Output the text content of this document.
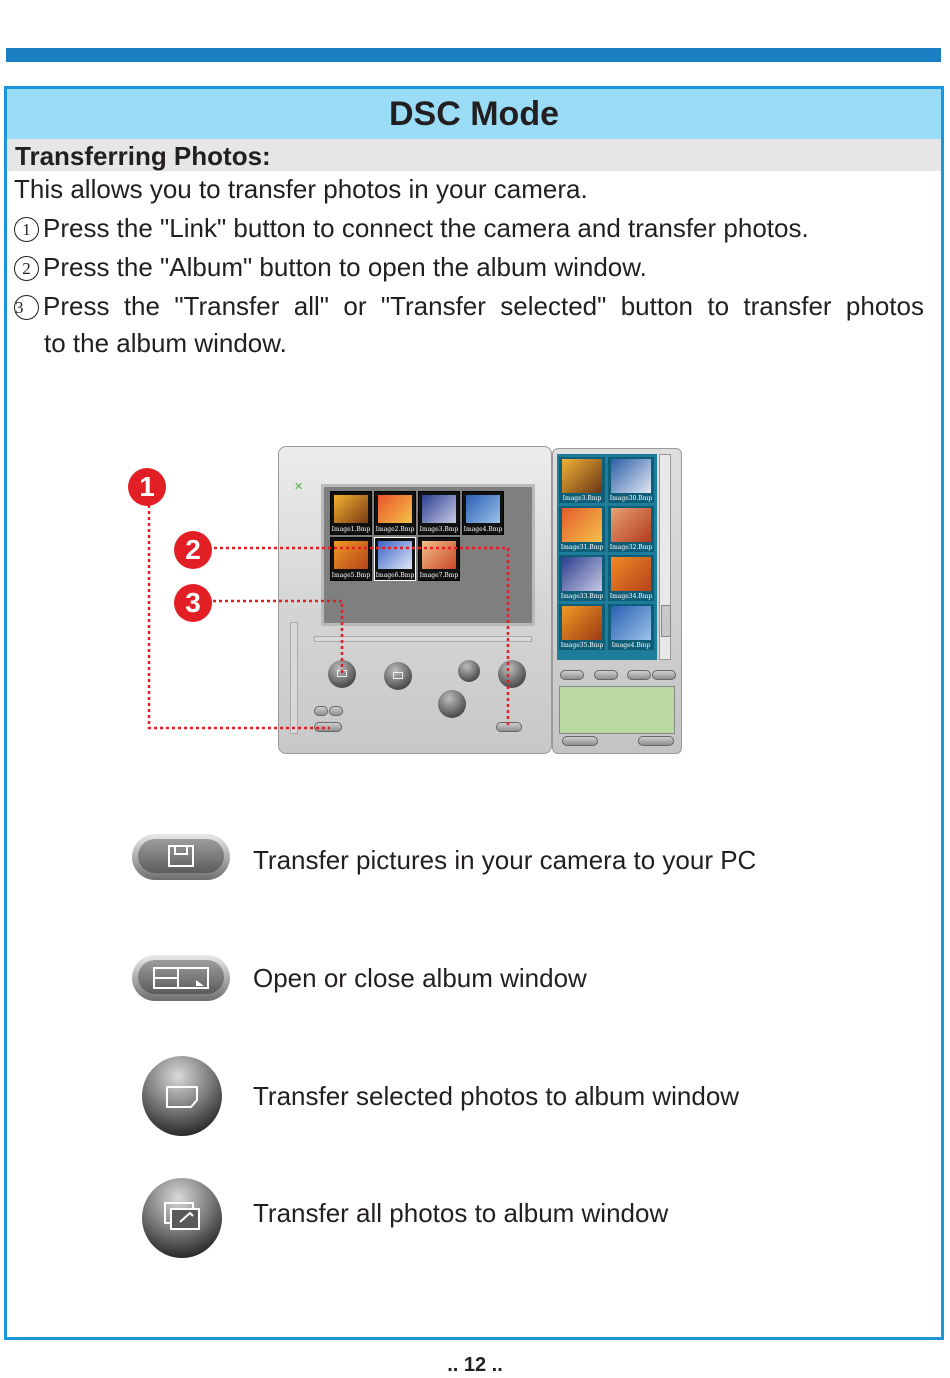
DSC Mode
Transferring Photos:
This allows you to transfer photos in your camera.
1 Press the "Link" button to connect the camera and transfer photos.
2 Press the "Album" button to open the album window.
3 Press the "Transfer all" or "Transfer selected" button to transfer photos
to the album window.
✕
Image1.Bmp Image2.Bmp Image3.Bmp Image4.Bmp
Image5.Bmp Image6.Bmp Image7.Bmp
Image3.Bmp	Image30.Bmp
Image31.Bmp Image32.Bmp
Image33.Bmp Image34.Bmp
Image35.Bmp	Image4.Bmp
1
2
3
Transfer pictures in your camera to your PC
Open or close album window
Transfer selected photos to album window
Transfer all photos to album window
.. 12 ..
